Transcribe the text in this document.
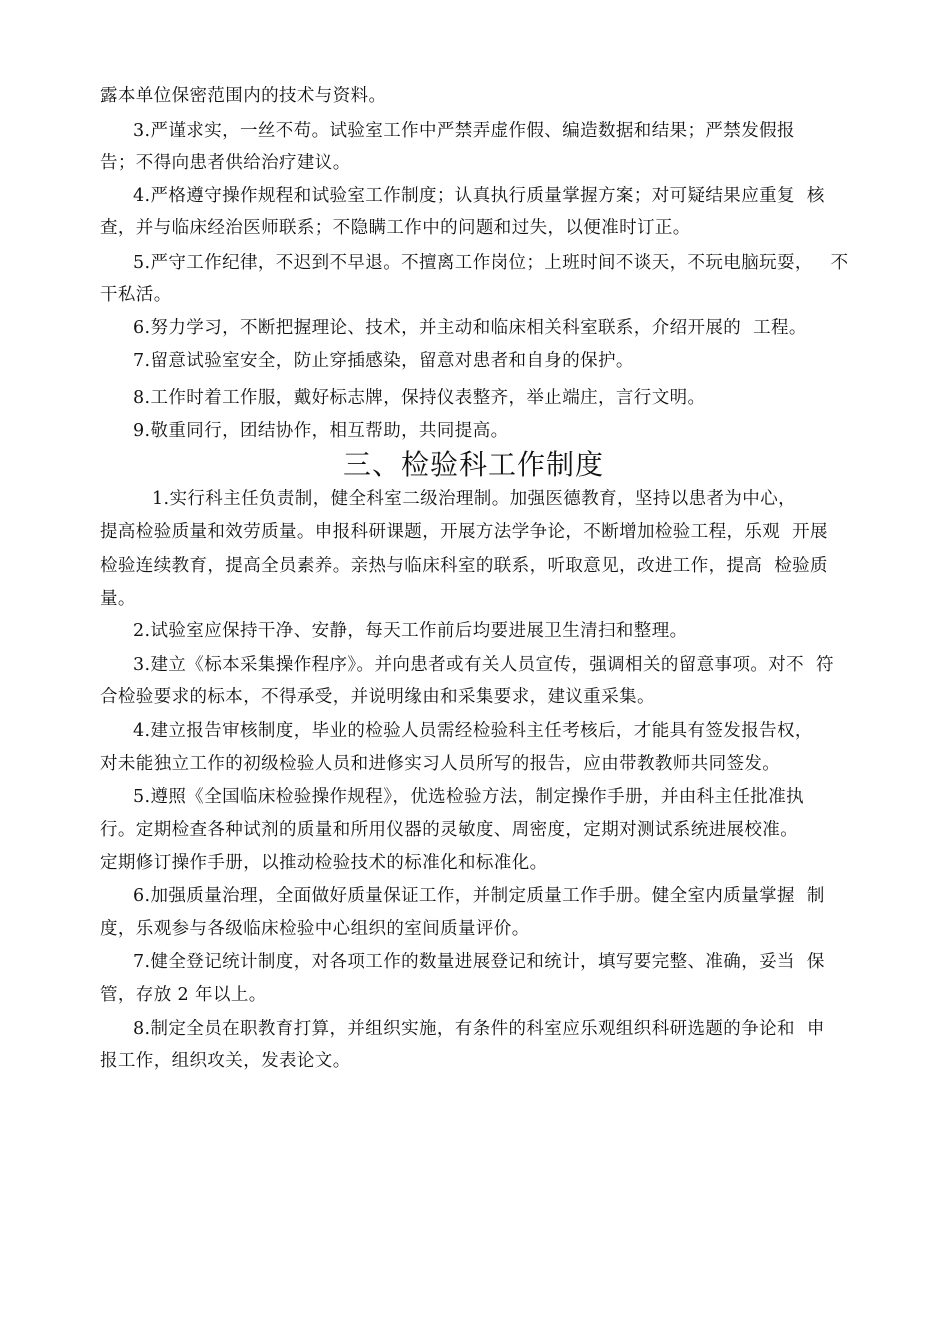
露本单位保密范围内的技术与资料。
3.严谨求实，一丝不苟。试验室工作中严禁弄虚作假、编造数据和结果；严禁发假报
告；不得向患者供给治疗建议。
4.严格遵守操作规程和试验室工作制度；认真执行质量掌握方案；对可疑结果应重复  核
查，并与临床经治医师联系；不隐瞒工作中的问题和过失，以便准时订正。
5.严守工作纪律，不迟到不早退。不擅离工作岗位；上班时间不谈天，不玩电脑玩耍，   不
干私活。
6.努力学习，不断把握理论、技术，并主动和临床相关科室联系，介绍开展的  工程。
7.留意试验室安全，防止穿插感染，留意对患者和自身的保护。
8.工作时着工作服，戴好标志牌，保持仪表整齐，举止端庄，言行文明。
9.敬重同行，团结协作，相互帮助，共同提高。
三、检验科工作制度
1.实行科主任负责制，健全科室二级治理制。加强医德教育，坚持以患者为中心，
提高检验质量和效劳质量。申报科研课题，开展方法学争论，不断增加检验工程，乐观  开展
检验连续教育，提高全员素养。亲热与临床科室的联系，听取意见，改进工作，提高  检验质
量。
2.试验室应保持干净、安静，每天工作前后均要进展卫生清扫和整理。
3.建立《标本采集操作程序》。并向患者或有关人员宣传，强调相关的留意事项。对不  符
合检验要求的标本，不得承受，并说明缘由和采集要求，建议重采集。
4.建立报告审核制度，毕业的检验人员需经检验科主任考核后，才能具有签发报告权，
对未能独立工作的初级检验人员和进修实习人员所写的报告，应由带教教师共同签发。
5.遵照《全国临床检验操作规程》，优选检验方法，制定操作手册，并由科主任批准执
行。定期检查各种试剂的质量和所用仪器的灵敏度、周密度，定期对测试系统进展校准。
定期修订操作手册，以推动检验技术的标准化和标准化。
6.加强质量治理，全面做好质量保证工作，并制定质量工作手册。健全室内质量掌握  制
度，乐观参与各级临床检验中心组织的室间质量评价。
7.健全登记统计制度，对各项工作的数量进展登记和统计，填写要完整、准确，妥当  保
管，存放 2 年以上。
8.制定全员在职教育打算，并组织实施，有条件的科室应乐观组织科研选题的争论和  申
报工作，组织攻关，发表论文。
